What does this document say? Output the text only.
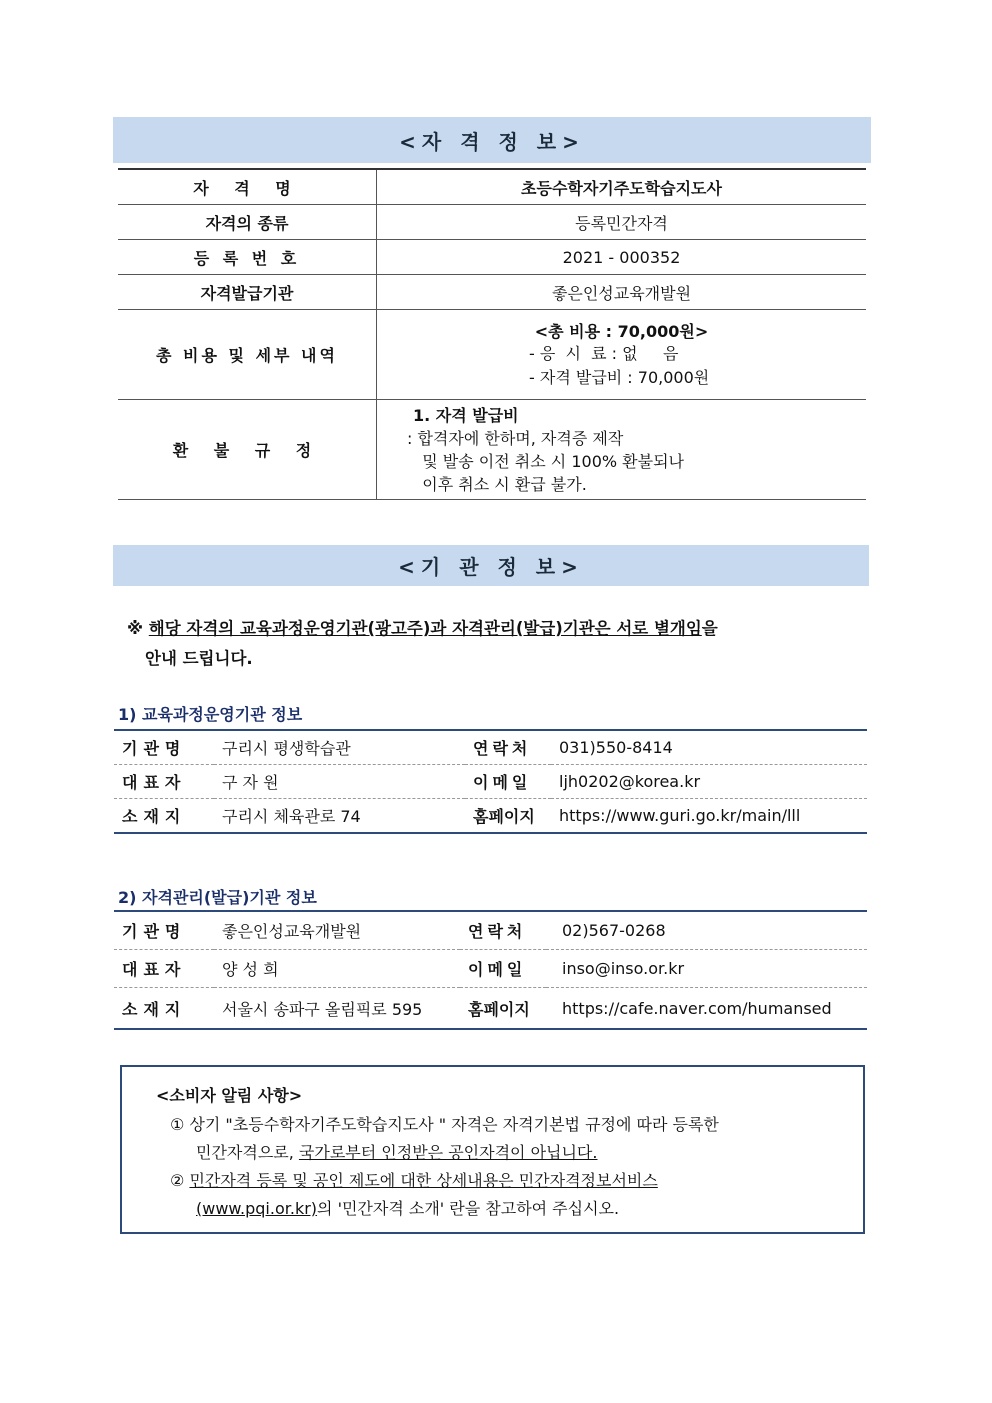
<자 격 정 보>
자 격 명	초등수학자기주도학습지도사
자격의 종류	등록민간자격
등 록 번 호	2021 - 000352
자격발급기관	좋은인성교육개발원
총 비용 및 세부 내역	<총 비용 : 70,000원>
- 응  시  료 : 없     음
- 자격 발급비 : 70,000원

환 불 규 정	1. 자격 발급비
: 합격자에 한하며, 자격증 제작
및 발송 이전 취소 시 100% 환불되나
이후 취소 시 환급 불가.
<기 관 정 보>
※ 해당 자격의 교육과정운영기관(광고주)과 자격관리(발급)기관은 서로 별개임을
안내 드립니다.
1) 교육과정운영기관 정보
기관명	구리시 평생학습관	연락처	031)550-8414
대표자	구 자 원	이메일	ljh0202@korea.kr
소재지	구리시 체육관로 74	홈페이지	https://www.guri.go.kr/main/lll
2) 자격관리(발급)기관 정보
기관명	좋은인성교육개발원	연락처	02)567-0268
대표자	양 성 희	이메일	inso@inso.or.kr
소재지	서울시 송파구 올림픽로 595	홈페이지	https://cafe.naver.com/humansed
<소비자 알림 사항>
① 상기 "초등수학자기주도학습지도사 " 자격은 자격기본법 규정에 따라 등록한
민간자격으로, 국가로부터 인정받은 공인자격이 아닙니다.
② 민간자격 등록 및 공인 제도에 대한 상세내용은 민간자격정보서비스
(www.pqi.or.kr)의 '민간자격 소개' 란을 참고하여 주십시오.
